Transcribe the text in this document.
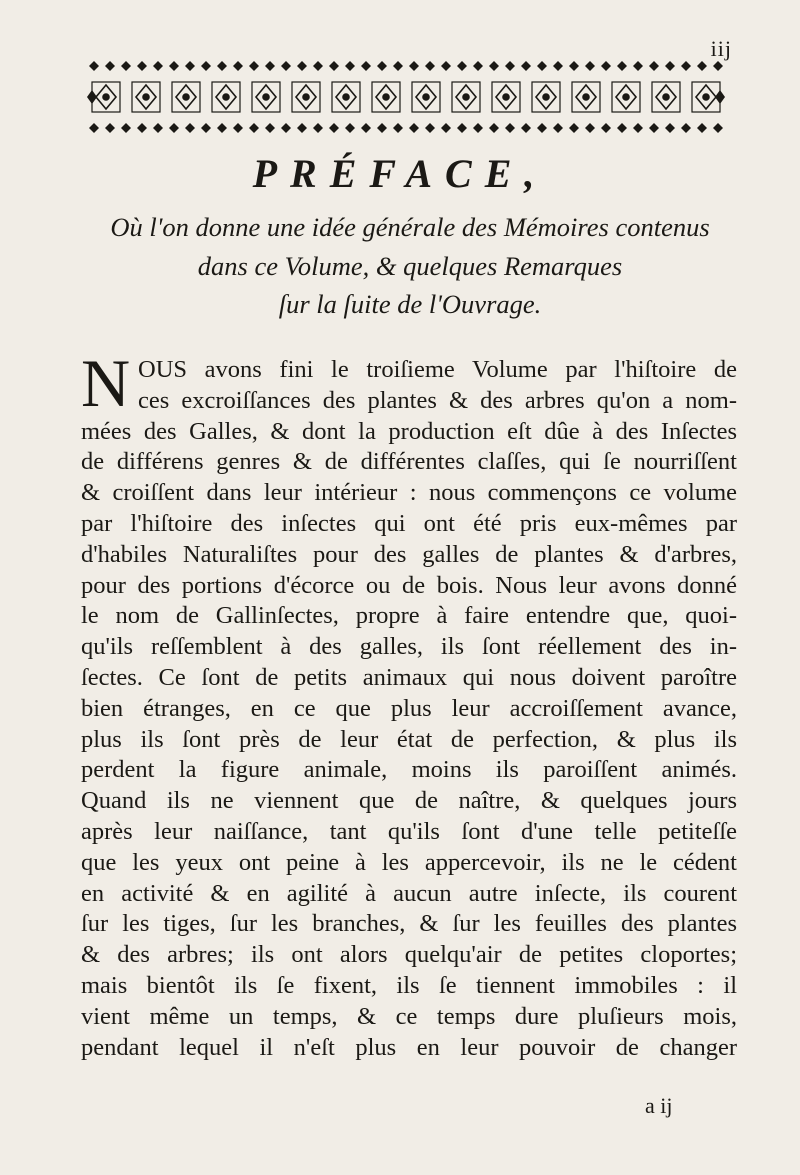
iij
PRÉFACE,
Où l'on donne une idée générale des Mémoires contenus
dans ce Volume, & quelques Remarques
ſur la ſuite de l'Ouvrage.
N OUS avons fini le troiſieme Volume par l'hiſtoire de
ces excroiſſances des plantes & des arbres qu'on a nom-
mées des Galles, & dont la production eſt dûe à des Inſectes
de différens genres & de différentes claſſes, qui ſe nourriſſent
& croiſſent dans leur intérieur : nous commençons ce volume
par l'hiſtoire des inſectes qui ont été pris eux-mêmes par
d'habiles Naturaliſtes pour des galles de plantes & d'arbres,
pour des portions d'écorce ou de bois. Nous leur avons donné
le nom de Gallinſectes, propre à faire entendre que, quoi-
qu'ils reſſemblent à des galles, ils ſont réellement des in-
ſectes. Ce ſont de petits animaux qui nous doivent paroître
bien étranges, en ce que plus leur accroiſſement avance,
plus ils ſont près de leur état de perfection, & plus ils
perdent la figure animale, moins ils paroiſſent animés.
Quand ils ne viennent que de naître, & quelques jours
après leur naiſſance, tant qu'ils ſont d'une telle petiteſſe
que les yeux ont peine à les appercevoir, ils ne le cédent
en activité & en agilité à aucun autre inſecte, ils courent
ſur les tiges, ſur les branches, & ſur les feuilles des plantes
& des arbres; ils ont alors quelqu'air de petites cloportes;
mais bientôt ils ſe fixent, ils ſe tiennent immobiles : il
vient même un temps, & ce temps dure pluſieurs mois,
pendant lequel il n'eſt plus en leur pouvoir de changer
a ij
